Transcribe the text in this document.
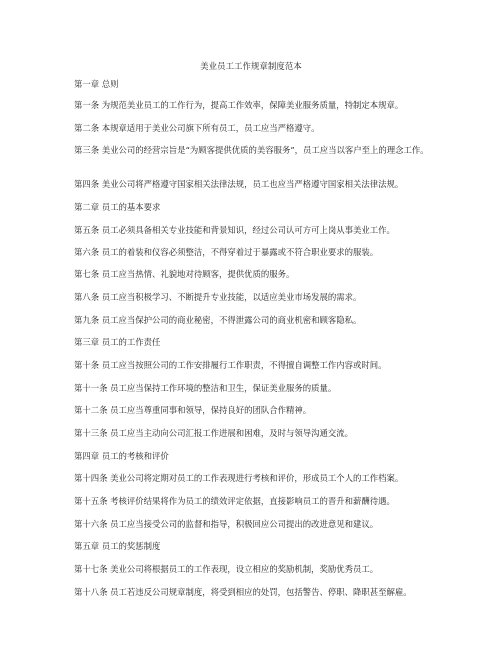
美业员工工作规章制度范本
第一章 总则
第一条 为规范美业员工的工作行为，提高工作效率，保障美业服务质量，特制定本规章。
第二条 本规章适用于美业公司旗下所有员工，员工应当严格遵守。
第三条 美业公司的经营宗旨是“为顾客提供优质的美容服务”，员工应当以客户至上的理念工作。
第四条 美业公司将严格遵守国家相关法律法规，员工也应当严格遵守国家相关法律法规。
第二章 员工的基本要求
第五条 员工必须具备相关专业技能和背景知识，经过公司认可方可上岗从事美业工作。
第六条 员工的着装和仪容必须整洁，不得穿着过于暴露或不符合职业要求的服装。
第七条 员工应当热情、礼貌地对待顾客，提供优质的服务。
第八条 员工应当积极学习、不断提升专业技能，以适应美业市场发展的需求。
第九条 员工应当保护公司的商业秘密，不得泄露公司的商业机密和顾客隐私。
第三章 员工的工作责任
第十条 员工应当按照公司的工作安排履行工作职责，不得擅自调整工作内容或时间。
第十一条 员工应当保持工作环境的整洁和卫生，保证美业服务的质量。
第十二条 员工应当尊重同事和领导，保持良好的团队合作精神。
第十三条 员工应当主动向公司汇报工作进展和困难，及时与领导沟通交流。
第四章 员工的考核和评价
第十四条 美业公司将定期对员工的工作表现进行考核和评价，形成员工个人的工作档案。
第十五条 考核评价结果将作为员工的绩效评定依据，直接影响员工的晋升和薪酬待遇。
第十六条 员工应当接受公司的监督和指导，积极回应公司提出的改进意见和建议。
第五章 员工的奖惩制度
第十七条 美业公司将根据员工的工作表现，设立相应的奖励机制，奖励优秀员工。
第十八条 员工若违反公司规章制度，将受到相应的处罚，包括警告、停职、降职甚至解雇。
